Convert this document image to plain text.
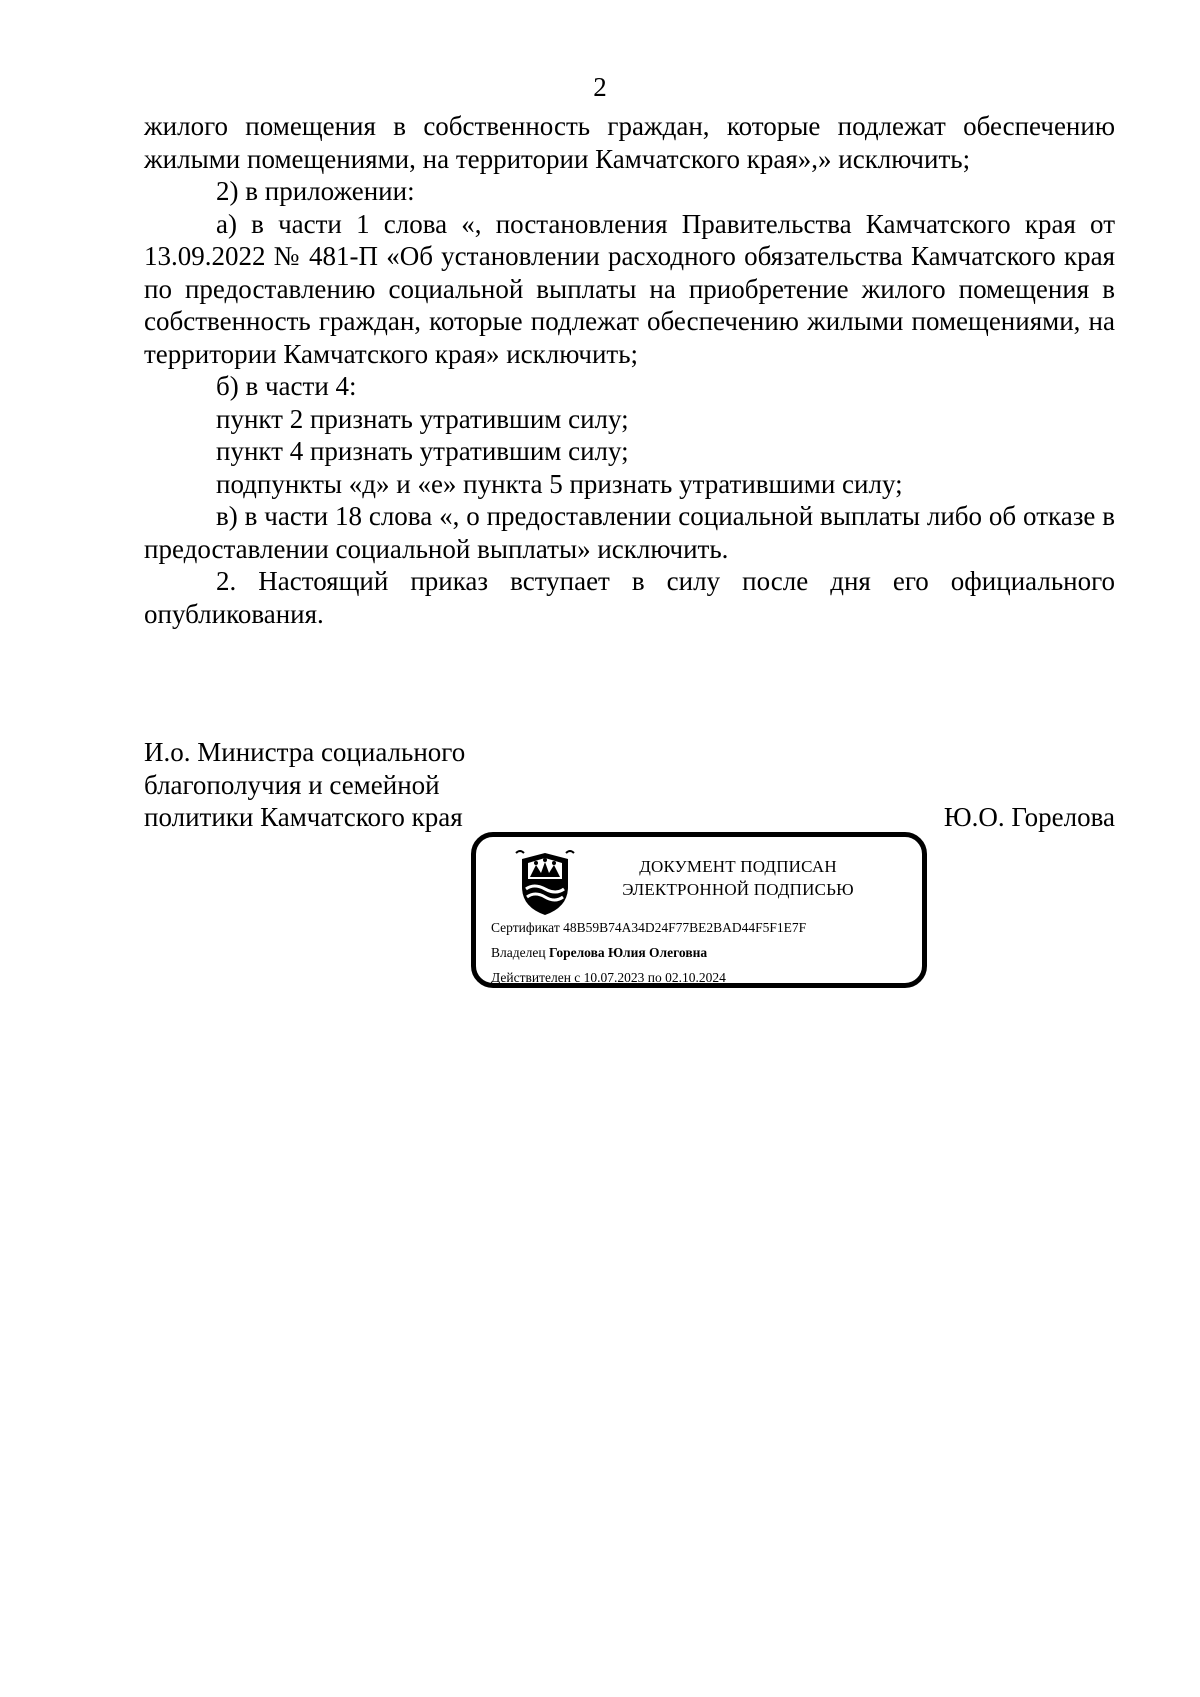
2

жилого помещения в собственность граждан, которые подлежат обеспечению жилыми помещениями, на территории Камчатского края»,» исключить;

2) в приложении:

а) в части 1 слова «, постановления Правительства Камчатского края от 13.09.2022 № 481-П «Об установлении расходного обязательства Камчатского края по предоставлению социальной выплаты на приобретение жилого помещения в собственность граждан, которые подлежат обеспечению жилыми помещениями, на территории Камчатского края» исключить;

б) в части 4:

пункт 2 признать утратившим силу;

пункт 4 признать утратившим силу;

подпункты «д» и «е» пункта 5 признать утратившими силу;

в) в части 18 слова «, о предоставлении социальной выплаты либо об отказе в предоставлении социальной выплаты» исключить.

2. Настоящий приказ вступает в силу после дня его официального опубликования.

И.о. Министра социального
благополучия и семейной
политики Камчатского края	Ю.О. Горелова
ДОКУМЕНТ ПОДПИСАН
ЭЛЕКТРОННОЙ ПОДПИСЬЮ
Сертификат 48B59B74A34D24F77BE2BAD44F5F1E7F
Владелец Горелова Юлия Олеговна
Действителен с 10.07.2023 по 02.10.2024
